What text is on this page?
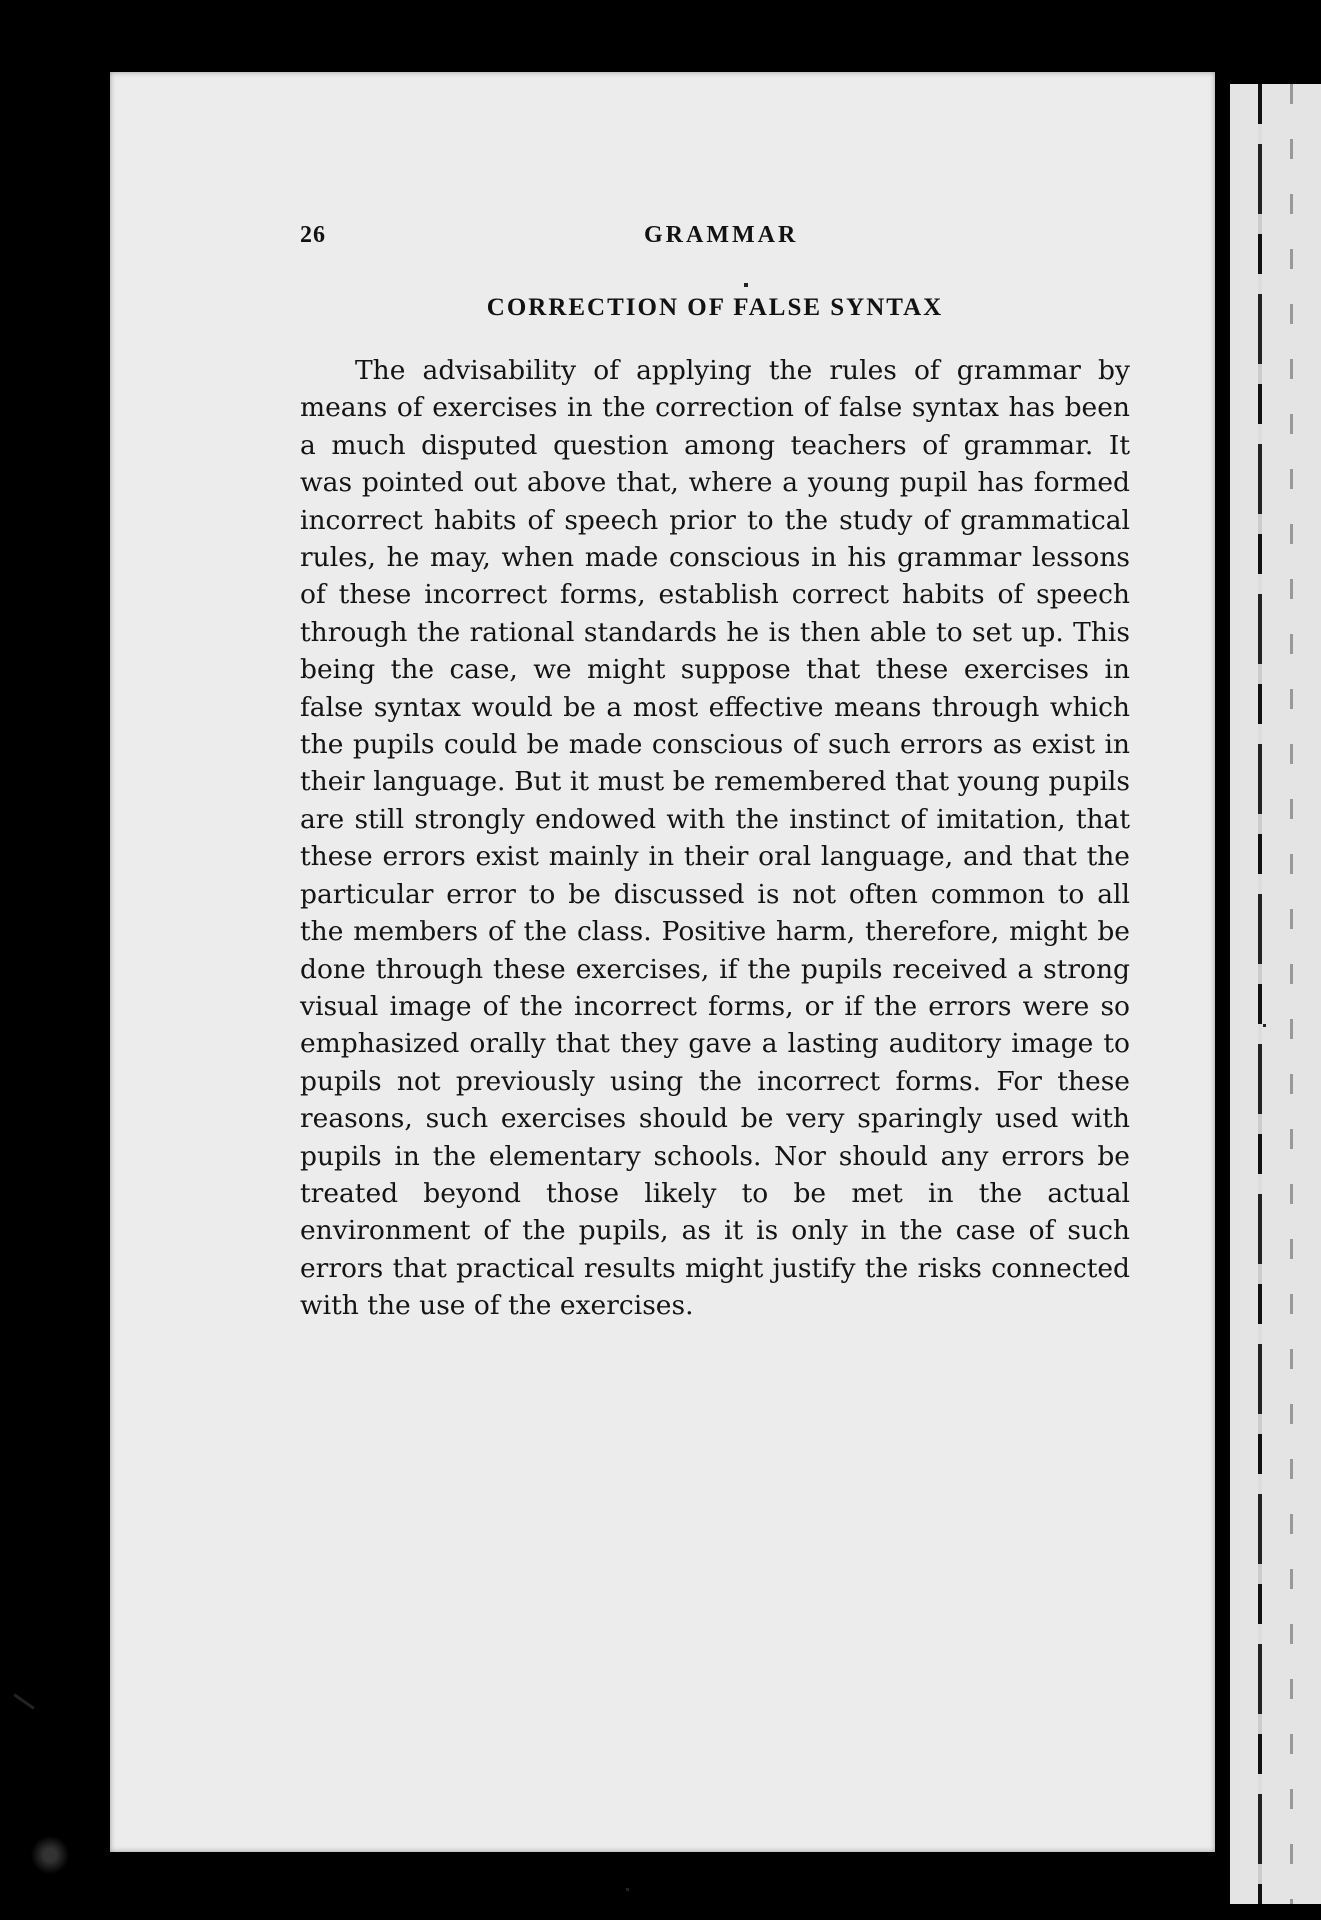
26	GRAMMAR
CORRECTION OF FALSE SYNTAX

The advisability of applying the rules of grammar by means of exercises in the correction of false syntax has been a much disputed question among teachers of grammar. It was pointed out above that, where a young pupil has formed incorrect habits of speech prior to the study of grammatical rules, he may, when made conscious in his grammar lessons of these incorrect forms, establish correct habits of speech through the rational standards he is then able to set up. This being the case, we might suppose that these exercises in false syntax would be a most effective means through which the pupils could be made conscious of such errors as exist in their language. But it must be remembered that young pupils are still strongly endowed with the instinct of imitation, that these errors exist mainly in their oral language, and that the particular error to be discussed is not often common to all the members of the class. Positive harm, therefore, might be done through these exercises, if the pupils received a strong visual image of the incorrect forms, or if the errors were so emphasized orally that they gave a lasting auditory image to pupils not previously using the incorrect forms. For these reasons, such exercises should be very sparingly used with pupils in the elementary schools. Nor should any errors be treated beyond those likely to be met in the actual environment of the pupils, as it is only in the case of such errors that practical results might justify the risks connected with the use of the exercises.
